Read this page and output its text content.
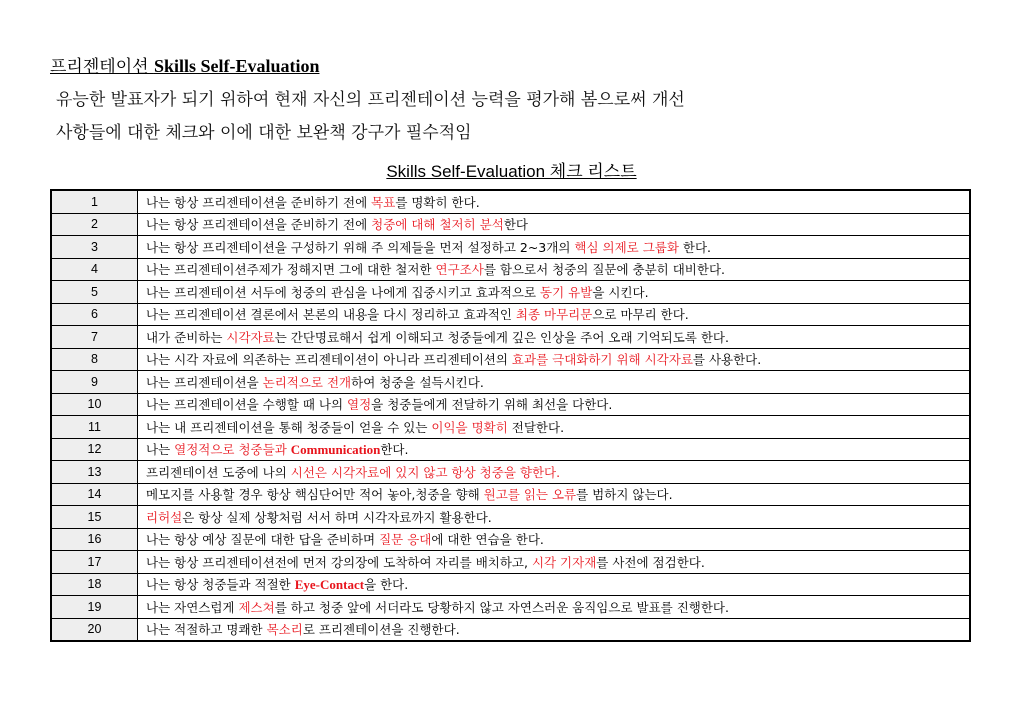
프리젠테이션 Skills Self-Evaluation
유능한 발표자가 되기 위하여 현재 자신의 프리젠테이션 능력을 평가해 봄으로써 개선
사항들에 대한 체크와 이에 대한 보완책 강구가 필수적임
Skills Self-Evaluation 체크 리스트
1	나는 항상 프리젠테이션을 준비하기 전에 목표를 명확히 한다.
2	나는 항상 프리젠테이션을 준비하기 전에 청중에 대해 철저히 분석한다
3	나는 항상 프리젠테이션을 구성하기 위해 주 의제들을 먼저 설정하고 2~3개의 핵심 의제로 그룹화 한다.
4	나는 프리젠테이션주제가 정해지면 그에 대한 철저한 연구조사를 함으로서 청중의 질문에 충분히 대비한다.
5	나는 프리젠테이션 서두에 청중의 관심을 나에게 집중시키고 효과적으로 동기 유발을 시킨다.
6	나는 프리젠테이션 결론에서 본론의 내용을 다시 정리하고 효과적인 최종 마무리문으로 마무리 한다.
7	내가 준비하는 시각자료는 간단명료해서 쉽게 이해되고 청중들에게 깊은 인상을 주어 오래 기억되도록 한다.
8	나는 시각 자료에 의존하는 프리젠테이션이 아니라 프리젠테이션의 효과를 극대화하기 위해 시각자료를 사용한다.
9	나는 프리젠테이션을 논리적으로 전개하여 청중을 설득시킨다.
10	나는 프리젠테이션을 수행할 때 나의 열정을 청중들에게 전달하기 위해 최선을 다한다.
11	나는 내 프리젠테이션을 통해 청중들이 얻을 수 있는 이익을 명확히 전달한다.
12	나는 열정적으로 청중들과 Communication한다.
13	프리젠테이션 도중에 나의 시선은 시각자료에 있지 않고 항상 청중을 향한다.
14	메모지를 사용할 경우 항상 핵심단어만 적어 놓아,청중을 향해 원고를 읽는 오류를 범하지 않는다.
15	리허설은 항상 실제 상황처럼 서서 하며 시각자료까지 활용한다.
16	나는 항상 예상 질문에 대한 답을 준비하며 질문 응대에 대한 연습을 한다.
17	나는 항상 프리젠테이션전에 먼저 강의장에 도착하여 자리를 배치하고, 시각 기자재를 사전에 점검한다.
18	나는 항상 청중들과 적절한 Eye-Contact을 한다.
19	나는 자연스럽게 제스쳐를 하고 청중 앞에 서더라도 당황하지 않고 자연스러운 움직임으로 발표를 진행한다.
20	나는 적절하고 명쾌한 목소리로 프리젠테이션을 진행한다.
